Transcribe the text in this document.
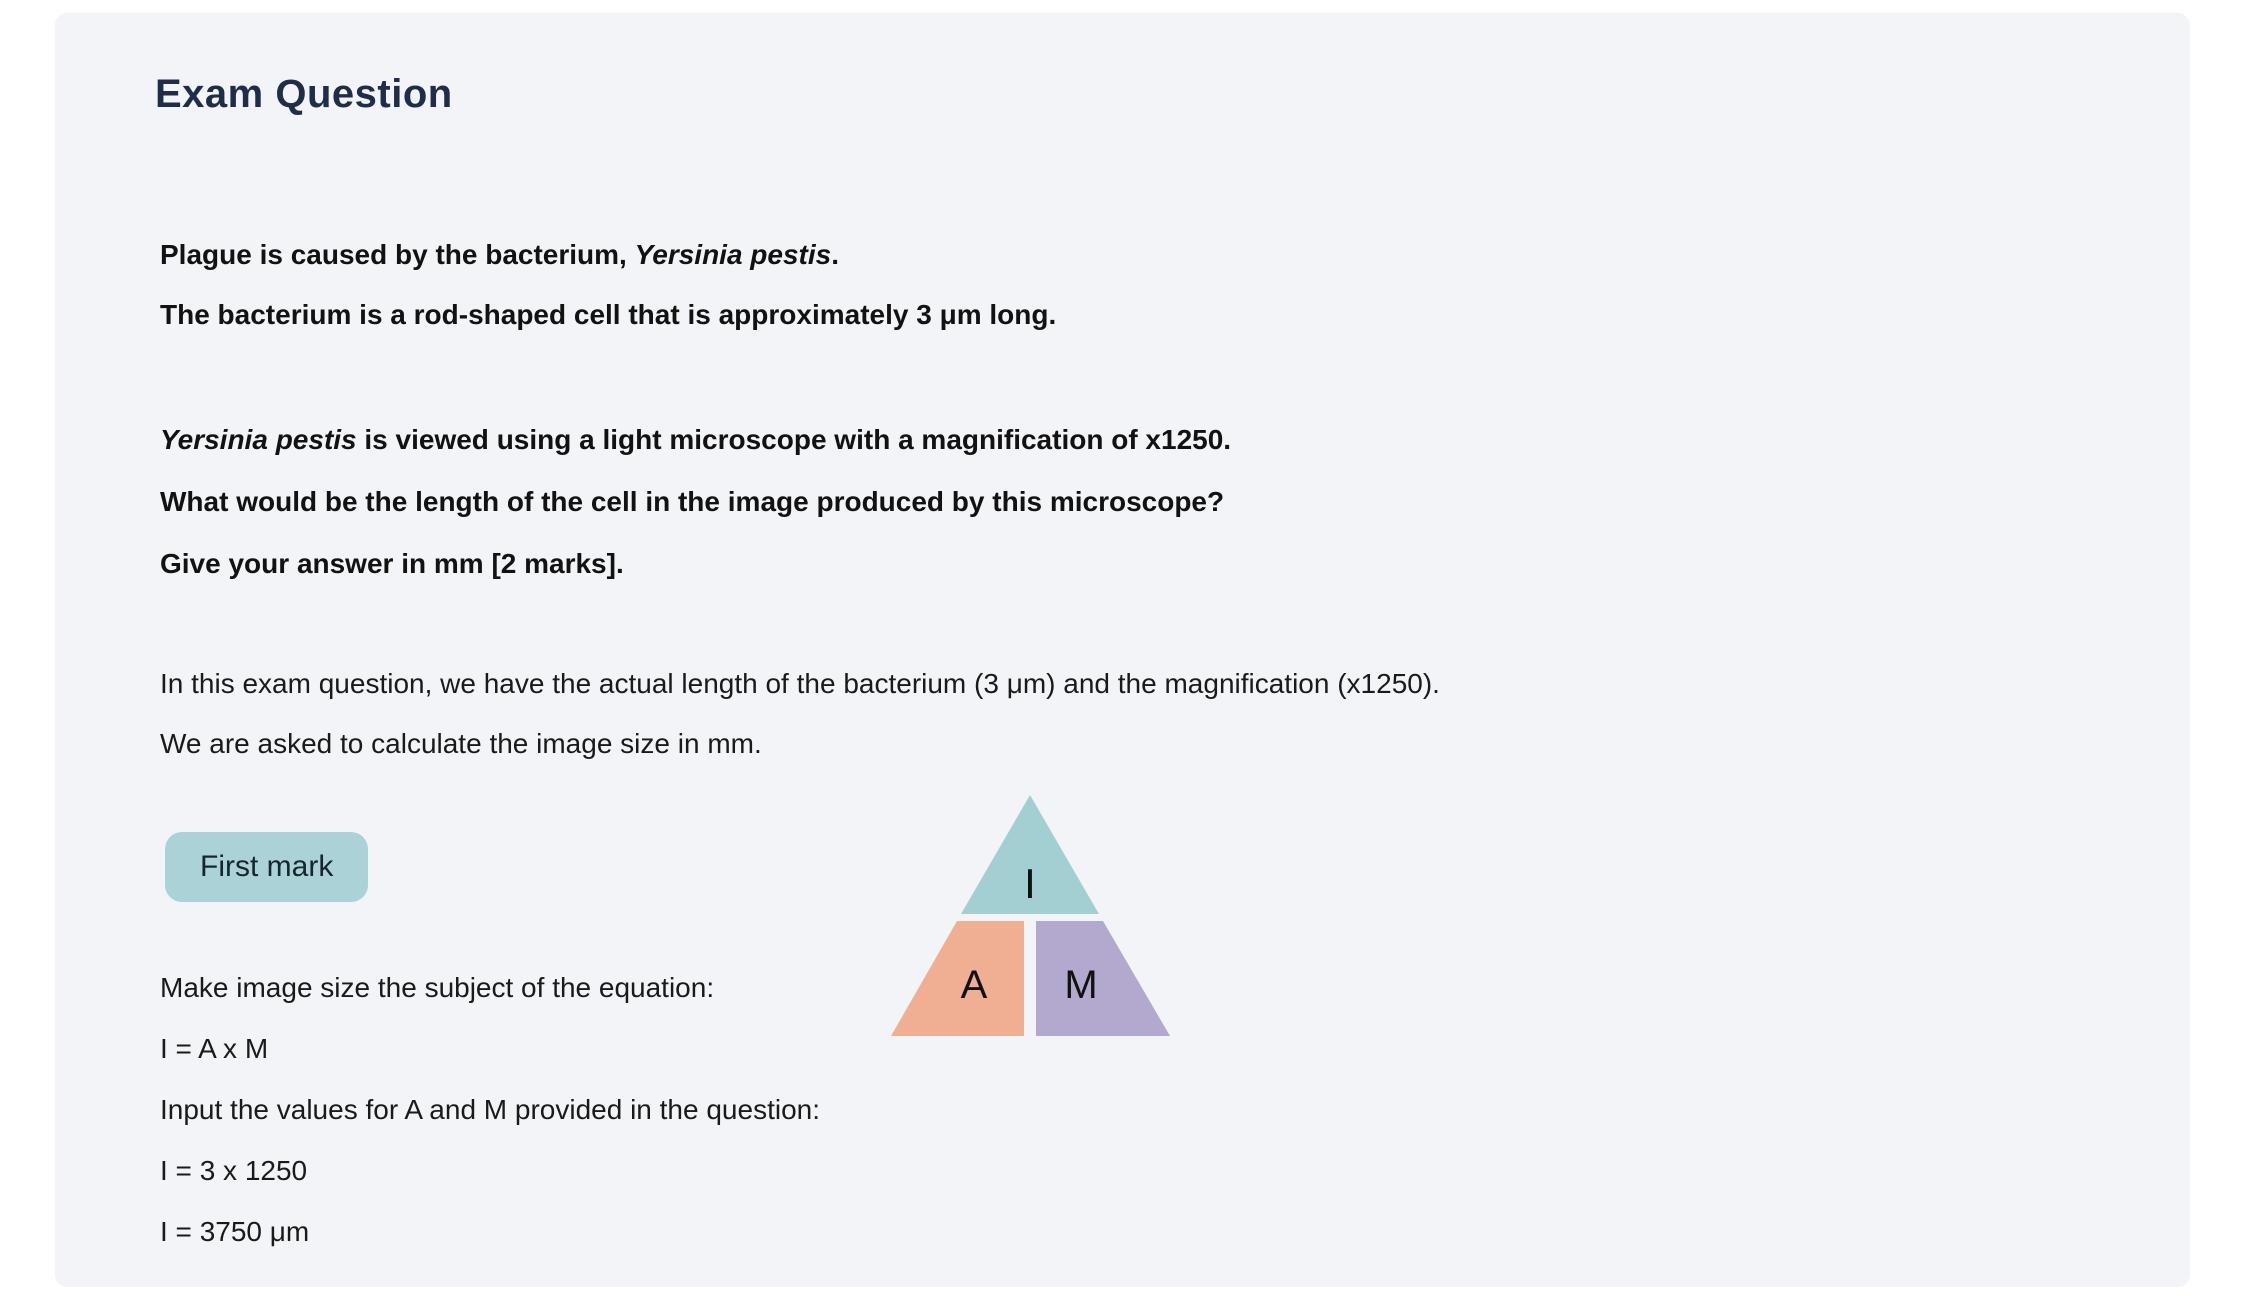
Exam Question
Plague is caused by the bacterium, Yersinia pestis.
The bacterium is a rod-shaped cell that is approximately 3 μm long.
Yersinia pestis is viewed using a light microscope with a magnification of x1250.
What would be the length of the cell in the image produced by this microscope?
Give your answer in mm [2 marks].
In this exam question, we have the actual length of the bacterium (3 μm) and the magnification (x1250).
We are asked to calculate the image size in mm.
First mark	I
A M
Make image size the subject of the equation:
I = A x M
Input the values for A and M provided in the question:
I = 3 x 1250
I = 3750 μm
